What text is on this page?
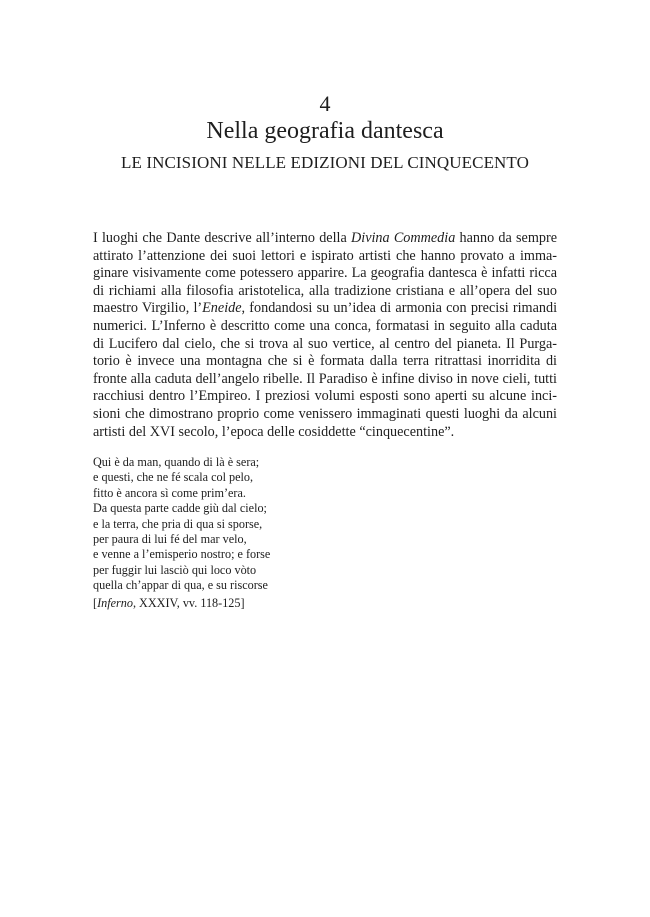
4
Nella geografia dantesca
LE INCISIONI NELLE EDIZIONI DEL CINQUECENTO
I luoghi che Dante descrive all’interno della Divina Commedia hanno da sempre
attirato l’attenzione dei suoi lettori e ispirato artisti che hanno provato a imma-
ginare visivamente come potessero apparire. La geografia dantesca è infatti ricca
di richiami alla filosofia aristotelica, alla tradizione cristiana e all’opera del suo
maestro Virgilio, l’Eneide, fondandosi su un’idea di armonia con precisi rimandi
numerici. L’Inferno è descritto come una conca, formatasi in seguito alla caduta
di Lucifero dal cielo, che si trova al suo vertice, al centro del pianeta. Il Purga-
torio è invece una montagna che si è formata dalla terra ritrattasi inorridita di
fronte alla caduta dell’angelo ribelle. Il Paradiso è infine diviso in nove cieli, tutti
racchiusi dentro l’Empireo. I preziosi volumi esposti sono aperti su alcune inci-
sioni che dimostrano proprio come venissero immaginati questi luoghi da alcuni
artisti del XVI secolo, l’epoca delle cosiddette “cinquecentine”.
Qui è da man, quando di là è sera;
e questi, che ne fé scala col pelo,
fitto è ancora sì come prim’era.
Da questa parte cadde giù dal cielo;
e la terra, che pria di qua si sporse,
per paura di lui fé del mar velo,
e venne a l’emisperio nostro; e forse
per fuggir lui lasciò qui loco vòto
quella ch’appar di qua, e su riscorse
[Inferno, XXXIV, vv. 118-125]
